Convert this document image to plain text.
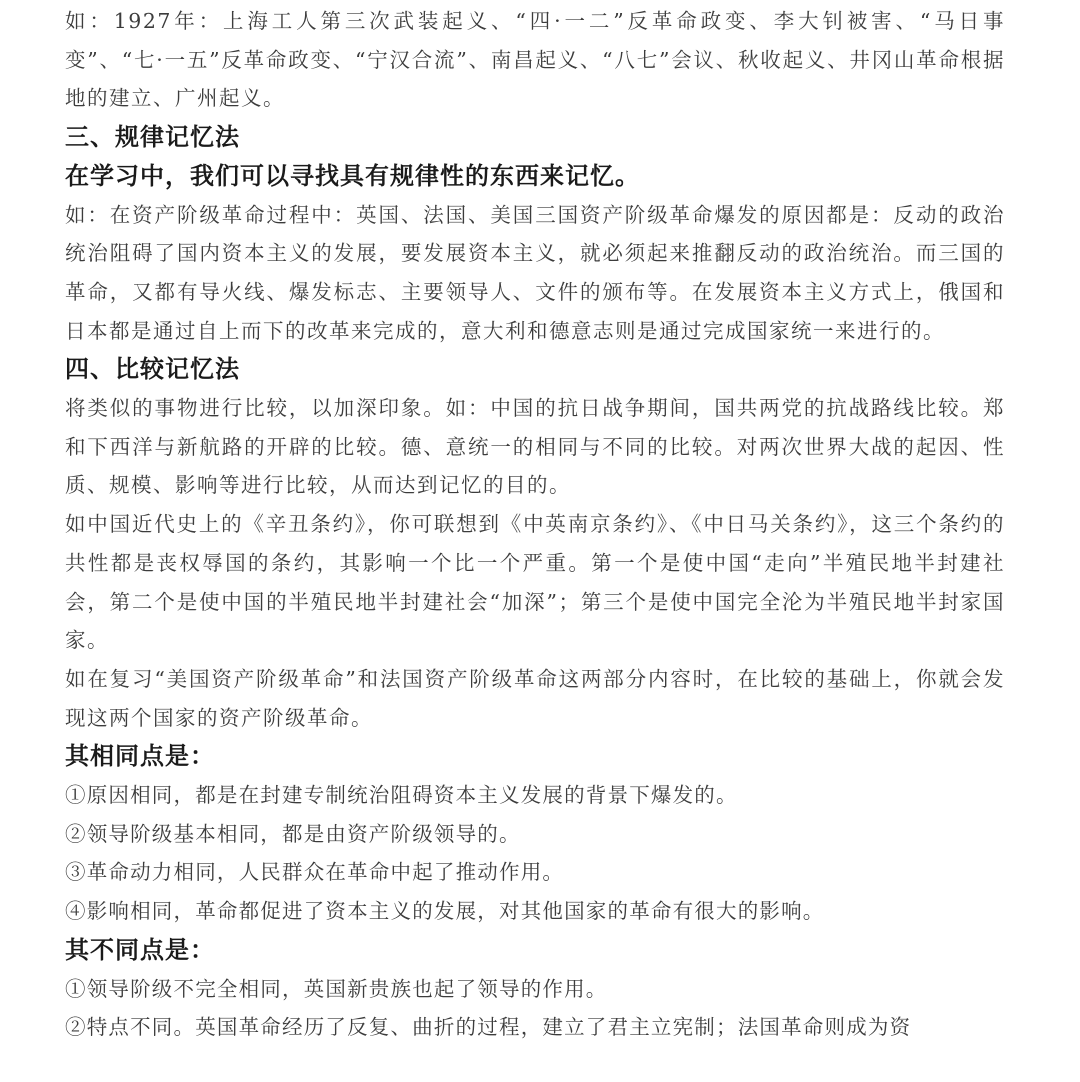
如：1927年：上海工人第三次武装起义、“四·一二”反革命政变、李大钊被害、“马日事变”、“七·一五”反革命政变、“宁汉合流”、南昌起义、“八七”会议、秋收起义、井冈山革命根据地的建立、广州起义。

三、规律记忆法

在学习中，我们可以寻找具有规律性的东西来记忆。

如：在资产阶级革命过程中：英国、法国、美国三国资产阶级革命爆发的原因都是：反动的政治统治阻碍了国内资本主义的发展，要发展资本主义，就必须起来推翻反动的政治统治。而三国的革命，又都有导火线、爆发标志、主要领导人、文件的颁布等。在发展资本主义方式上，俄国和日本都是通过自上而下的改革来完成的，意大利和德意志则是通过完成国家统一来进行的。

四、比较记忆法

将类似的事物进行比较，以加深印象。如：中国的抗日战争期间，国共两党的抗战路线比较。郑和下西洋与新航路的开辟的比较。德、意统一的相同与不同的比较。对两次世界大战的起因、性质、规模、影响等进行比较，从而达到记忆的目的。

如中国近代史上的《辛丑条约》，你可联想到《中英南京条约》、《中日马关条约》，这三个条约的共性都是丧权辱国的条约，其影响一个比一个严重。第一个是使中国“走向”半殖民地半封建社会，第二个是使中国的半殖民地半封建社会“加深”；第三个是使中国完全沦为半殖民地半封家国家。

如在复习“美国资产阶级革命”和法国资产阶级革命这两部分内容时，在比较的基础上，你就会发现这两个国家的资产阶级革命。

其相同点是：

①原因相同，都是在封建专制统治阻碍资本主义发展的背景下爆发的。

②领导阶级基本相同，都是由资产阶级领导的。

③革命动力相同，人民群众在革命中起了推动作用。

④影响相同，革命都促进了资本主义的发展，对其他国家的革命有很大的影响。

其不同点是：

①领导阶级不完全相同，英国新贵族也起了领导的作用。

②特点不同。英国革命经历了反复、曲折的过程，建立了君主立宪制；法国革命则成为资
